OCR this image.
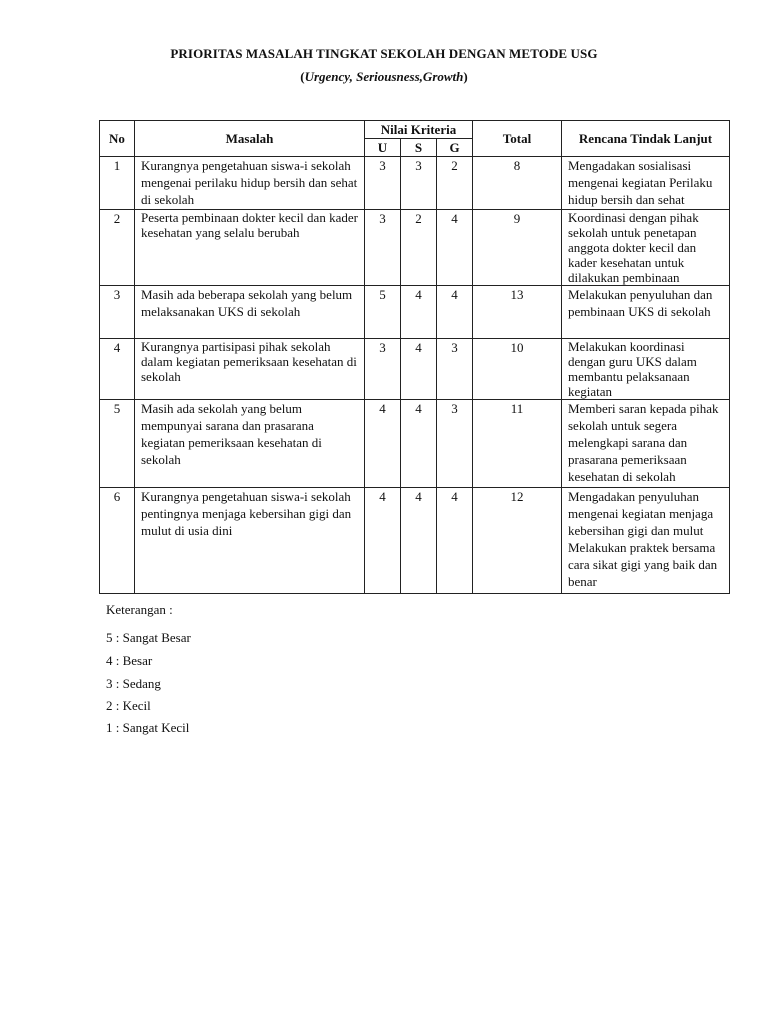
PRIORITAS MASALAH TINGKAT SEKOLAH DENGAN METODE USG
(Urgency, Seriousness,Growth)
No	Masalah	Nilai Kriteria			Total	Rencana Tindak Lanjut
		U	S	G		
1	Kurangnya pengetahuan siswa-i sekolah mengenai perilaku hidup bersih dan sehat di sekolah	3	3	2	8	Mengadakan sosialisasi mengenai kegiatan Perilaku hidup bersih dan sehat
2	Peserta pembinaan dokter kecil dan kader kesehatan yang selalu berubah	3	2	4	9	Koordinasi dengan pihak sekolah untuk penetapan anggota dokter kecil dan kader kesehatan untuk dilakukan pembinaan
3	Masih ada beberapa sekolah yang belum melaksanakan UKS di sekolah	5	4	4	13	Melakukan penyuluhan dan pembinaan UKS di sekolah
4	Kurangnya partisipasi pihak sekolah dalam kegiatan pemeriksaan kesehatan di sekolah	3	4	3	10	Melakukan koordinasi dengan guru UKS dalam membantu pelaksanaan kegiatan
5	Masih ada sekolah yang belum mempunyai sarana dan prasarana kegiatan pemeriksaan kesehatan di sekolah	4	4	3	11	Memberi saran kepada pihak sekolah untuk segera melengkapi sarana dan prasarana pemeriksaan kesehatan di sekolah
6	Kurangnya pengetahuan siswa-i sekolah pentingnya menjaga kebersihan gigi dan mulut di usia dini	4	4	4	12	Mengadakan penyuluhan mengenai kegiatan menjaga kebersihan gigi dan mulut Melakukan praktek bersama cara sikat gigi yang baik dan benar
Keterangan :
5 : Sangat Besar
4 : Besar
3 : Sedang
2 : Kecil
1 : Sangat Kecil
